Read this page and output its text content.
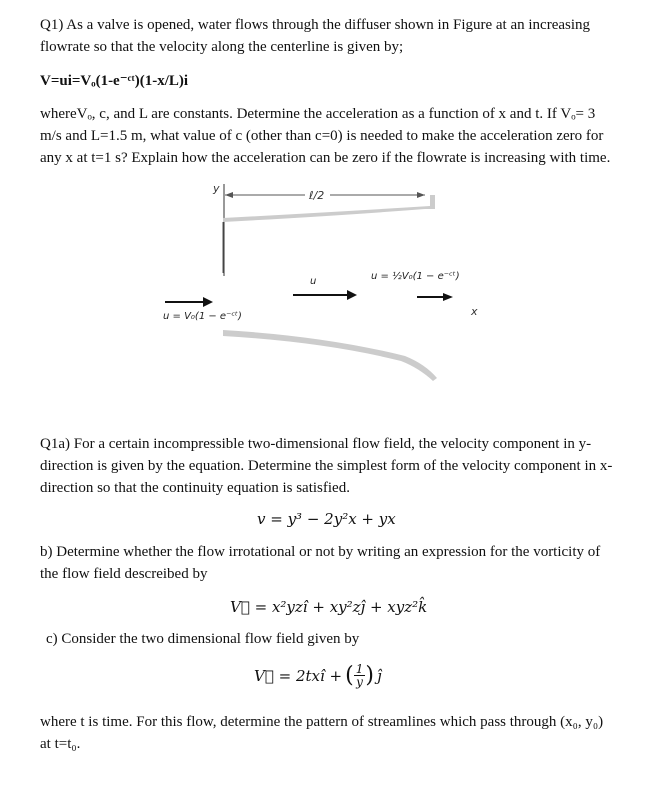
Q1) As a valve is opened, water flows through the diffuser shown in Figure at an increasing

flowrate so that the velocity along the centerline is given by;

V=ui=Vₒ(1-e⁻ᶜᵗ)(1-x/L)i

whereVₒ, c, and L are constants. Determine the acceleration as a function of x and t. If Vₒ= 3

m/s and L=1.5 m, what value of c (other than c=0) is needed to make the acceleration zero for

any x at t=1 s? Explain how the acceleration can be zero if the flowrate is increasing with time.

y
ℓ/2
u = V₀(1 − e⁻ᶜᵗ)
u	u = ½V₀(1 − e⁻ᶜᵗ)
x

Q1a) For a certain incompressible two-dimensional flow field, the velocity component in y-

direction is given by the equation. Determine the simplest form of the velocity component in x-

direction so that the continuity equation is satisfied.

v = y³ − 2y²x + yx

b) Determine whether the flow irrotational or not by writing an expression for the vorticity of

the flow field descreibed by

V⃗ = x²yzî + xy²zĵ + xyz²k̂

c) Consider the two dimensional flow field given by

V⃗ = 2txî + ( $\frac{1}{y}$ ) ĵ

where t is time. For this flow, determine the pattern of streamlines which pass through (x₀, y₀)

at t=t₀.
